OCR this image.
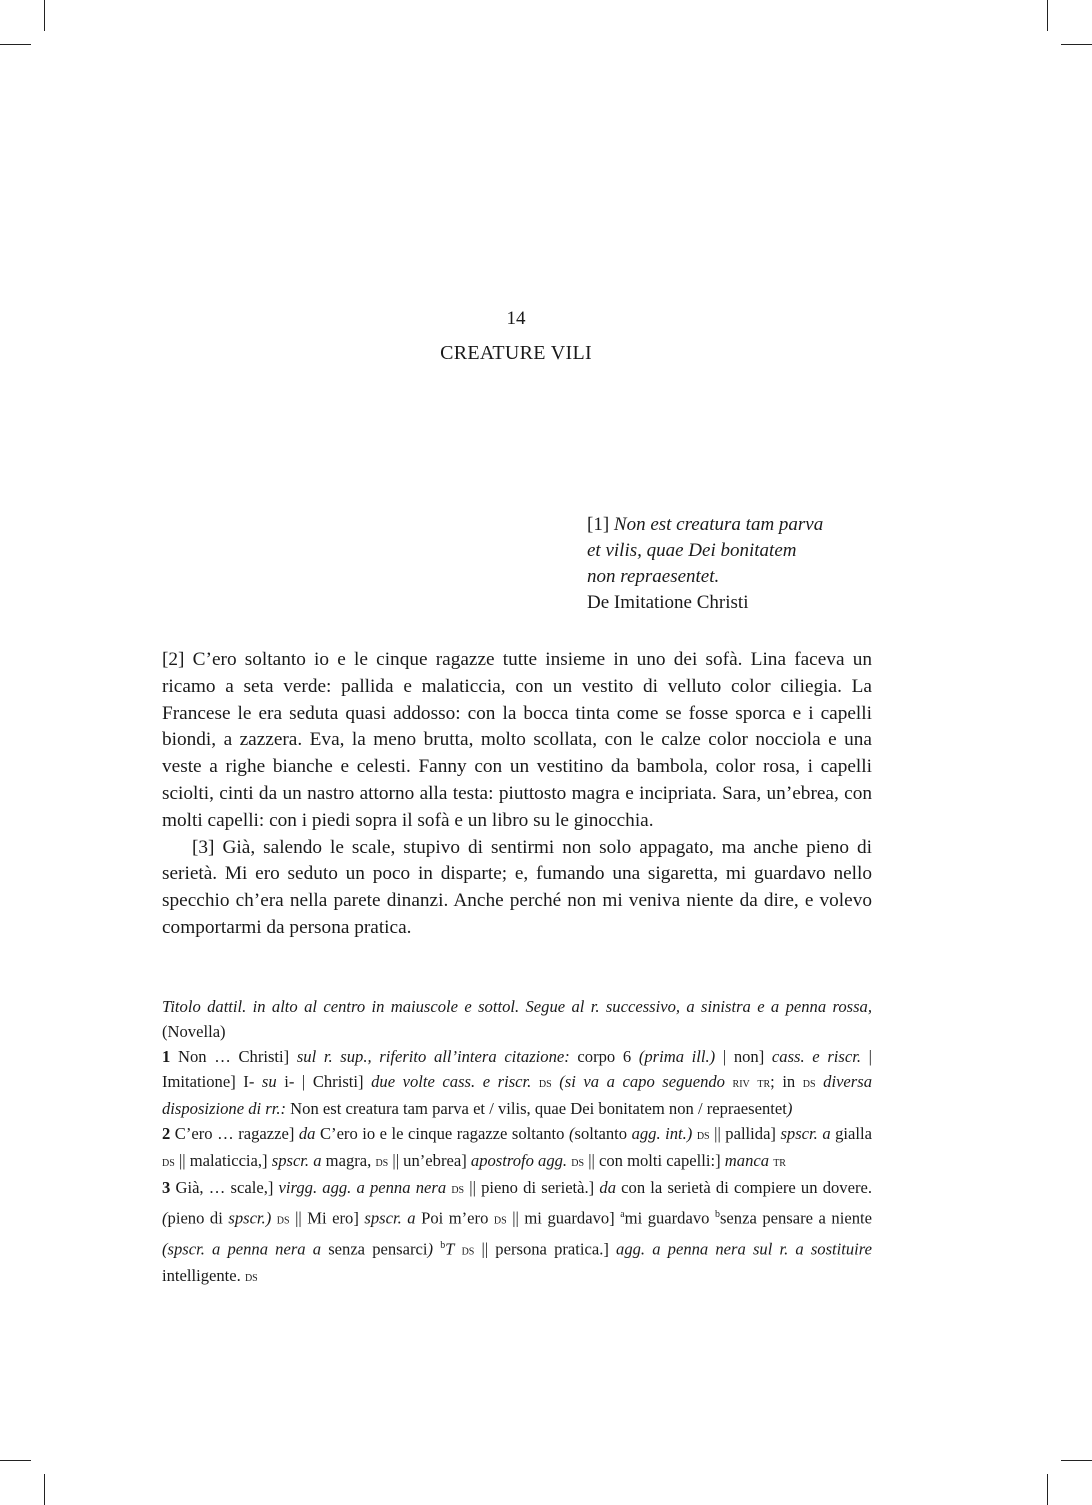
14
CREATURE VILI
[1] Non est creatura tam parva
et vilis, quae Dei bonitatem
non repraesentet.
De Imitatione Christi

[2] C’ero soltanto io e le cinque ragazze tutte insieme in uno dei sofà. Lina faceva un ricamo a seta verde: pallida e malaticcia, con un vestito di velluto color ciliegia. La Francese le era seduta quasi addosso: con la bocca tinta come se fosse sporca e i capelli biondi, a zazzera. Eva, la meno brutta, molto scollata, con le calze color nocciola e una veste a righe bianche e celesti. Fanny con un vestitino da bambola, color rosa, i capelli sciolti, cinti da un nastro attorno alla testa: piuttosto magra e incipriata. Sara, un’ebrea, con molti capelli: con i piedi sopra il sofà e un libro su le ginocchia.

[3] Già, salendo le scale, stupivo di sentirmi non solo appagato, ma anche pieno di serietà. Mi ero seduto un poco in disparte; e, fumando una sigaretta, mi guardavo nello specchio ch’era nella parete dinanzi. Anche perché non mi veniva niente da dire, e volevo comportarmi da persona pratica.

Titolo dattil. in alto al centro in maiuscole e sottol. Segue al r. successivo, a sinistra e a penna rossa, (Novella)

1 Non … Christi] sul r. sup., riferito all’intera citazione: corpo 6 (prima ill.) | non] cass. e riscr. | Imitatione] I- su i- | Christi] due volte cass. e riscr. ds (si va a capo seguendo riv tr; in ds diversa disposizione di rr.: Non est creatura tam parva et / vilis, quae Dei bonitatem non / repraesentet)

2 C’ero … ragazze] da C’ero io e le cinque ragazze soltanto (soltanto agg. int.) ds || pallida] spscr. a gialla ds || malaticcia,] spscr. a magra, ds || un’ebrea] apostrofo agg. ds || con molti capelli:] manca tr

3 Già, … scale,] virgg. agg. a penna nera ds || pieno di serietà.] da con la serietà di compiere un dovere. (pieno di spscr.) ds || Mi ero] spscr. a Poi m’ero ds || mi guardavo] $^a$mi guardavo $^b$senza pensare a niente (spscr. a penna nera a senza pensarci) $^b$T ds || persona pratica.] agg. a penna nera sul r. a sostituire intelligente. ds
